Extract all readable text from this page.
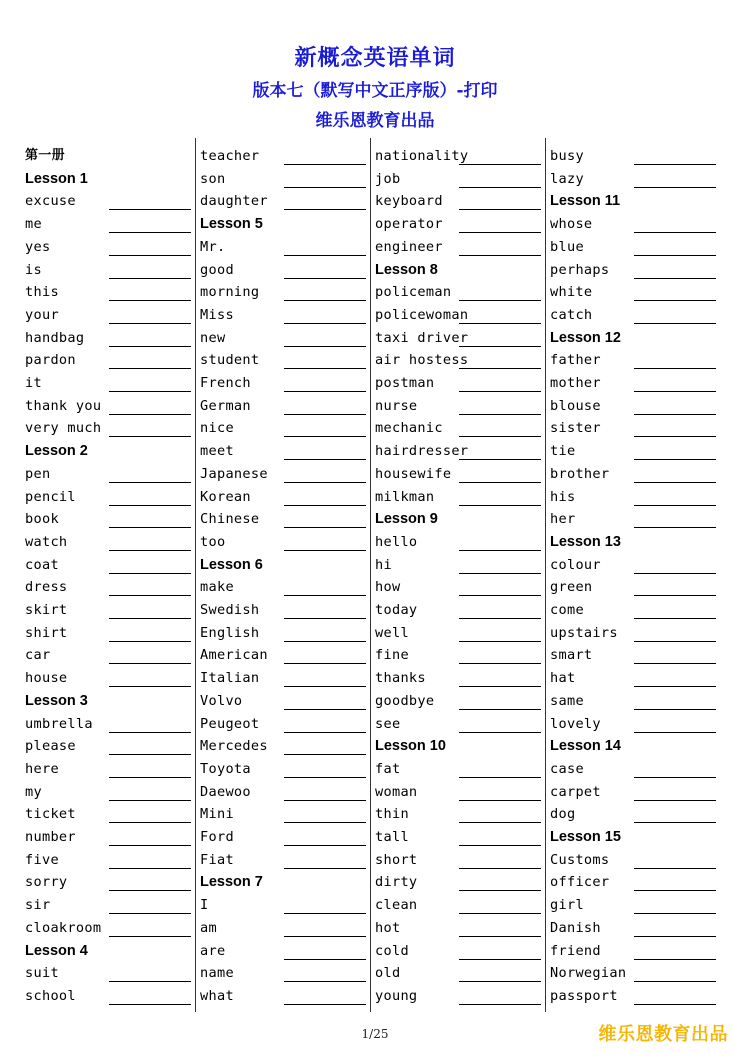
新概念英语单词
版本七（默写中文正序版）-打印
维乐恩教育出品
第一册
Lesson 1
excuse
me
yes
is
this
your
handbag
pardon
it
thank you
very much
Lesson 2
pen
pencil
book
watch
coat
dress
skirt
shirt
car
house
Lesson 3
umbrella
please
here
my
ticket
number
five
sorry
sir
cloakroom
Lesson 4
suit
school
teacher
son
daughter
Lesson 5
Mr.
good
morning
Miss
new
student
French
German
nice
meet
Japanese
Korean
Chinese
too
Lesson 6
make
Swedish
English
American
Italian
Volvo
Peugeot
Mercedes
Toyota
Daewoo
Mini
Ford
Fiat
Lesson 7
I
am
are
name
what
nationality
job
keyboard
operator
engineer
Lesson 8
policeman
policewoman
taxi driver
air hostess
postman
nurse
mechanic
hairdresser
housewife
milkman
Lesson 9
hello
hi
how
today
well
fine
thanks
goodbye
see
Lesson 10
fat
woman
thin
tall
short
dirty
clean
hot
cold
old
young
busy
lazy
Lesson 11
whose
blue
perhaps
white
catch
Lesson 12
father
mother
blouse
sister
tie
brother
his
her
Lesson 13
colour
green
come
upstairs
smart
hat
same
lovely
Lesson 14
case
carpet
dog
Lesson 15
Customs
officer
girl
Danish
friend
Norwegian
passport
1/25	维乐恩教育出品
